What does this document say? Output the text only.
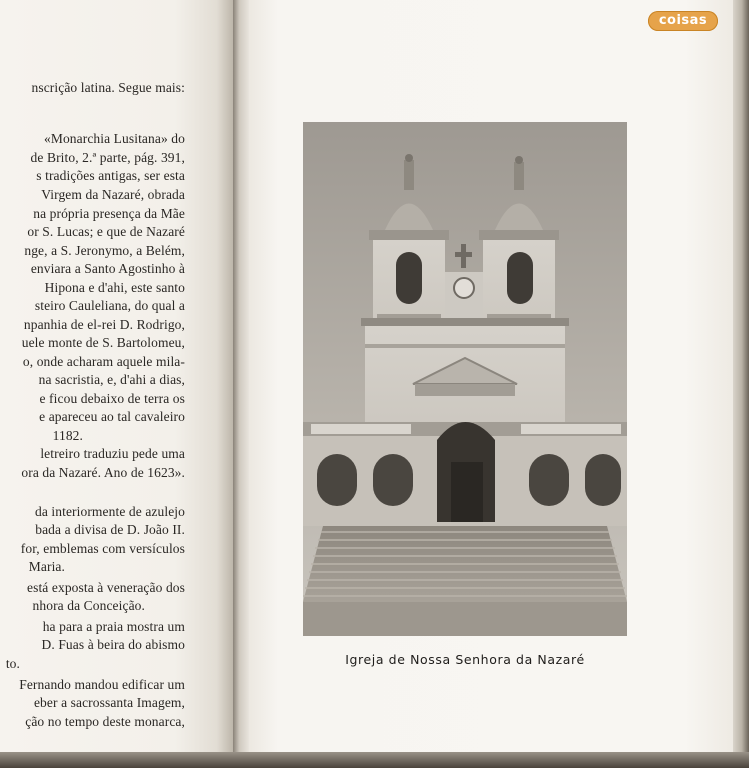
nscrição latina. Segue mais:
«Monarchia Lusitana» do
de Brito, 2.ª parte, pág. 391,
s tradições antigas, ser esta
Virgem da Nazaré, obrada
na própria presença da Mãe
or S. Lucas; e que de Nazaré
nge, a S. Jeronymo, a Belém,
enviara a Santo Agostinho à
Hipona e d'ahi, este santo
steiro Cauleliana, do qual a
npanhia de el-rei D. Rodrigo,
uele monte de S. Bartolomeu,
o, onde acharam aquele mila-
na sacristia, e, d'ahi a dias,
e ficou debaixo de terra os
e apareceu ao tal cavaleiro
1182.
letreiro traduziu pede uma
ora da Nazaré. Ano de 1623».
da interiormente de azulejo
bada a divisa de D. João II.
for, emblemas com versículos
Maria.
está exposta à veneração dos
nhora da Conceição.
ha para a praia mostra um
D. Fuas à beira do abismo
to.
Fernando mandou edificar um
eber a sacrossanta Imagem,
ção no tempo deste monarca,
Igreja de Nossa Senhora da Nazaré
coisas
